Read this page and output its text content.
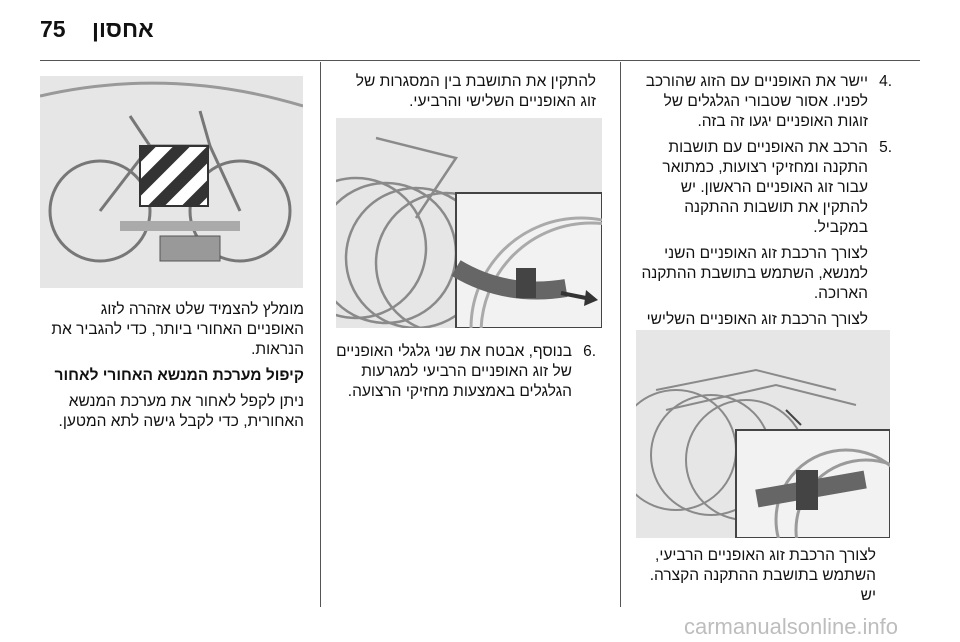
75 אחסון
.4
יישר את האופניים עם הזוג שהורכב לפניו. אסור שטבורי הגלגלים של זוגות האופניים יגעו זה בזה.
.5
הרכב את האופניים עם תושבות התקנה ומחזיקי רצועות, כמתואר עבור זוג האופניים הראשון. יש להתקין את תושבות ההתקנה במקביל.

לצורך הרכבת זוג האופניים השני למנשא, השתמש בתושבת ההתקנה הארוכה.

לצורך הרכבת זוג האופניים השלישי

לצורך הרכבת זוג האופניים הרביעי, השתמש בתושבת ההתקנה הקצרה. יש

להתקין את התושבת בין המסגרות של זוג האופניים השלישי והרביעי.

.6
בנוסף, אבטח את שני גלגלי האופניים של זוג האופניים הרביעי למגרעות הגלגלים באמצעות מחזיקי הרצועה.

מומלץ להצמיד שלט אזהרה לזוג האופניים האחורי ביותר, כדי להגביר את הנראות.

קיפול מערכת המנשא האחורי לאחור

ניתן לקפל לאחור את מערכת המנשא האחורית, כדי לקבל גישה לתא המטען.

carmanualsonline.info
